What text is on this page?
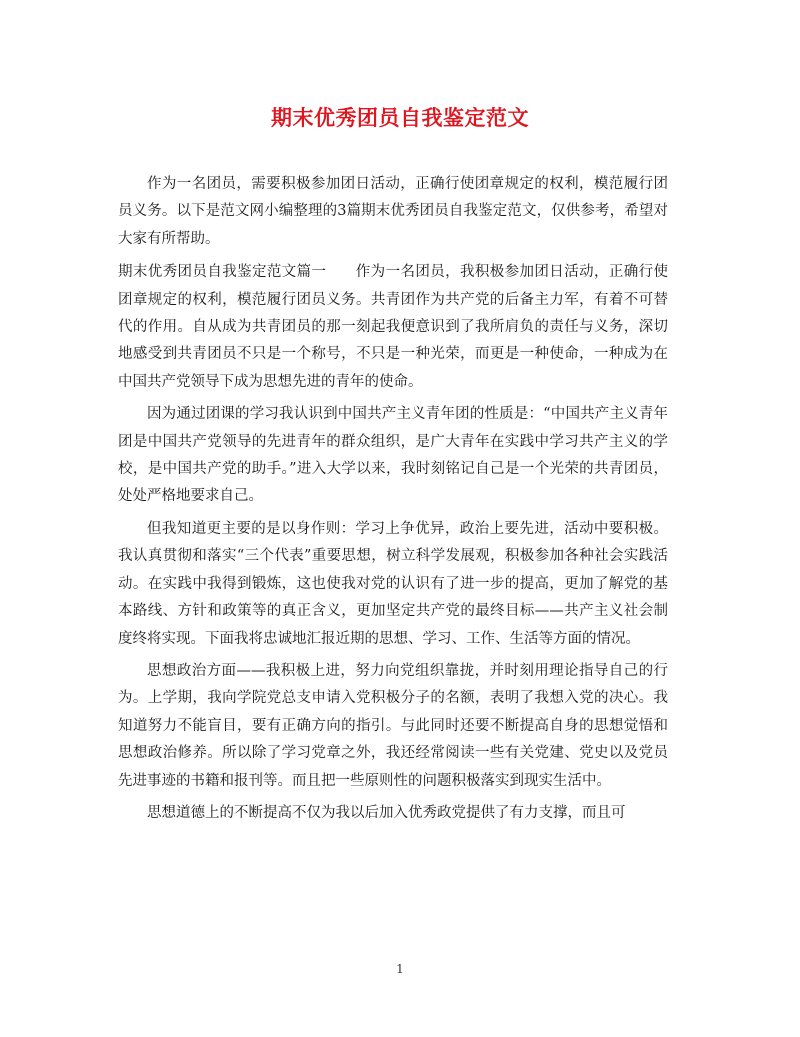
期末优秀团员自我鉴定范文

作为一名团员，需要积极参加团日活动，正确行使团章规定的权利，模范履行团员义务。以下是范文网小编整理的3篇期末优秀团员自我鉴定范文，仅供参考，希望对大家有所帮助。

期末优秀团员自我鉴定范文篇一 作为一名团员，我积极参加团日活动，正确行使团章规定的权利，模范履行团员义务。共青团作为共产党的后备主力军，有着不可替代的作用。自从成为共青团员的那一刻起我便意识到了我所肩负的责任与义务，深切地感受到共青团员不只是一个称号，不只是一种光荣，而更是一种使命，一种成为在中国共产党领导下成为思想先进的青年的使命。

因为通过团课的学习我认识到中国共产主义青年团的性质是：“中国共产主义青年团是中国共产党领导的先进青年的群众组织，是广大青年在实践中学习共产主义的学校，是中国共产党的助手。”进入大学以来，我时刻铭记自己是一个光荣的共青团员，处处严格地要求自己。

但我知道更主要的是以身作则：学习上争优异，政治上要先进，活动中要积极。我认真贯彻和落实“三个代表”重要思想，树立科学发展观，积极参加各种社会实践活动。在实践中我得到锻炼，这也使我对党的认识有了进一步的提高，更加了解党的基本路线、方针和政策等的真正含义，更加坚定共产党的最终目标——共产主义社会制度终将实现。下面我将忠诚地汇报近期的思想、学习、工作、生活等方面的情况。

思想政治方面——我积极上进，努力向党组织靠拢，并时刻用理论指导自己的行为。上学期，我向学院党总支申请入党积极分子的名额，表明了我想入党的决心。我知道努力不能盲目，要有正确方向的指引。与此同时还要不断提高自身的思想觉悟和思想政治修养。所以除了学习党章之外，我还经常阅读一些有关党建、党史以及党员先进事迹的书籍和报刊等。而且把一些原则性的问题积极落实到现实生活中。

思想道德上的不断提高不仅为我以后加入优秀政党提供了有力支撑，而且可

1
